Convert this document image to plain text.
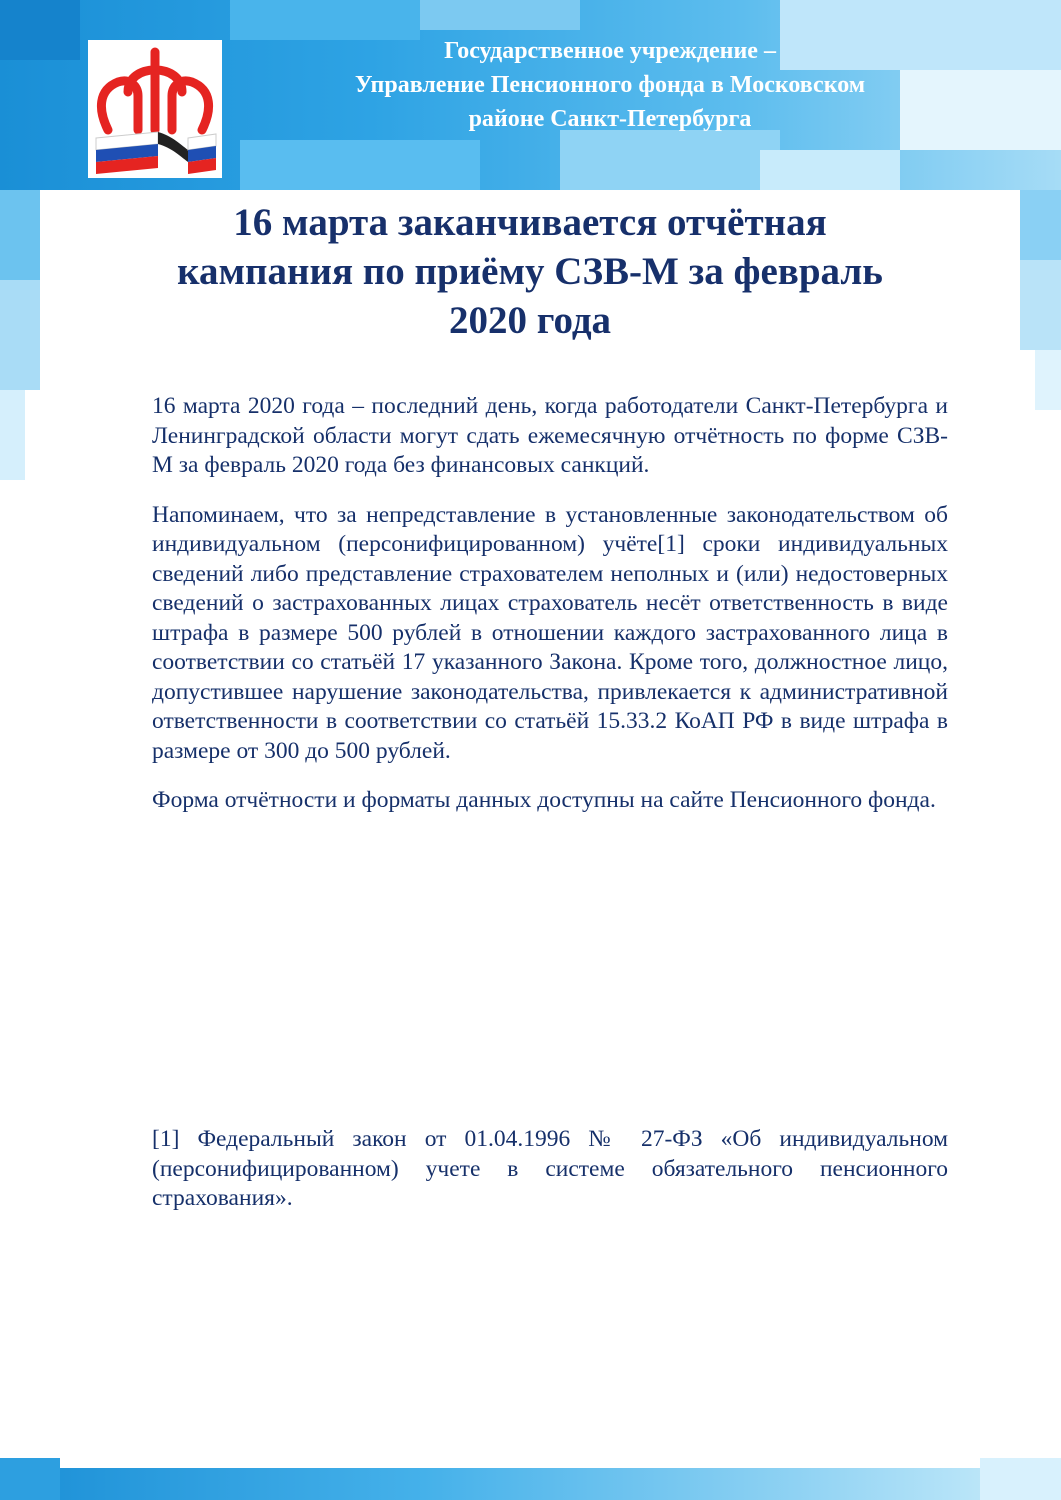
1
Государственное учреждение –
Управление Пенсионного фонда в Московском
районе Санкт-Петербурга
16 марта заканчивается отчётная
кампания по приёму СЗВ-М за февраль
2020 года

16 марта 2020 года – последний день, когда работодатели Санкт-Петербурга и Ленинградской области могут сдать ежемесячную отчётность по форме СЗВ-М за февраль 2020 года без финансовых санкций.

Напоминаем, что за непредставление в установленные законодательством об индивидуальном (персонифицированном) учёте[1] сроки индивидуальных сведений либо представление страхователем неполных и (или) недостоверных сведений о застрахованных лицах страхователь несёт ответственность в виде штрафа в размере 500 рублей в отношении каждого застрахованного лица в соответствии со статьёй 17 указанного Закона. Кроме того, должностное лицо, допустившее нарушение законодательства, привлекается к административной ответственности в соответствии со статьёй 15.33.2 КоАП РФ в виде штрафа в размере от 300 до 500 рублей.

Форма отчётности и форматы данных доступны на сайте Пенсионного фонда.

[1] Федеральный закон от 01.04.1996 № 27-ФЗ «Об индивидуальном (персонифицированном) учете в системе обязательного пенсионного страхования».
